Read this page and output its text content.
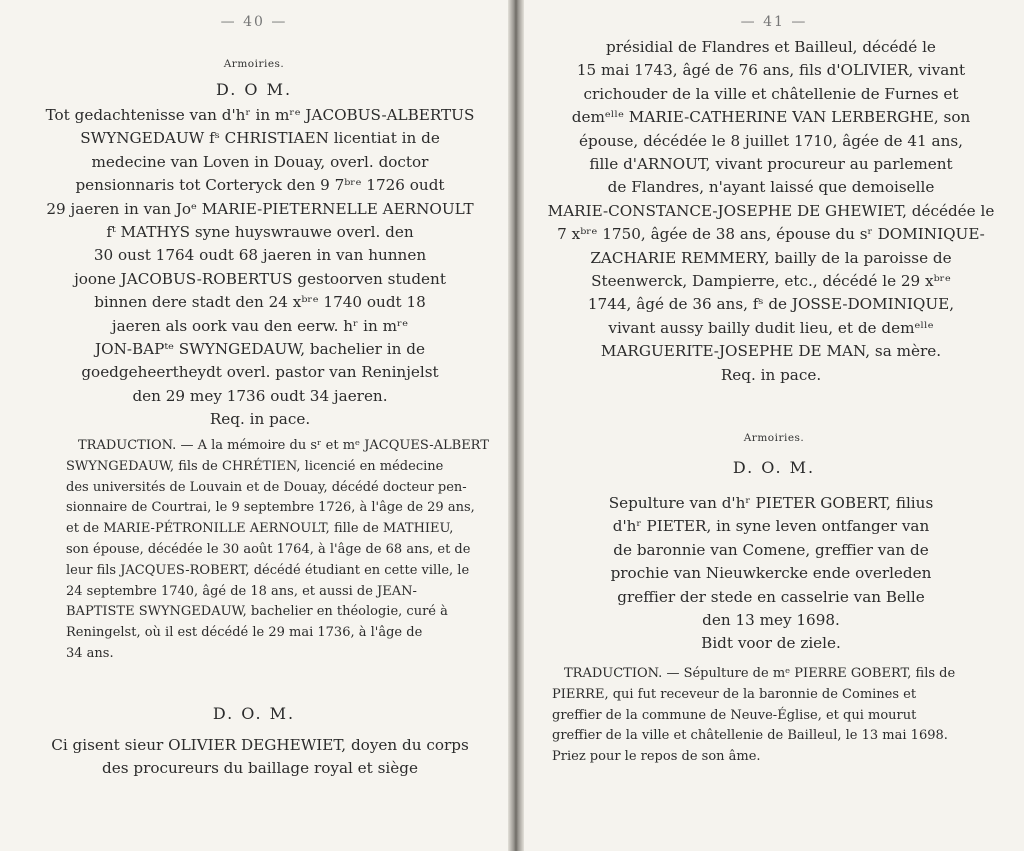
— 40 —
Armoiries.
D. O M.
Tot gedachtenisse van d'hʳ in mʳᵉ JACOBUS-ALBERTUS
SWYNGEDAUW fˢ CHRISTIAEN licentiat in de
medecine van Loven in Douay, overl. doctor
pensionnaris tot Corteryck den 9 7ᵇʳᵉ 1726 oudt
29 jaeren in van Joᵉ MARIE-PIETERNELLE AERNOULT
fᵗ MATHYS syne huyswrauwe overl. den
30 oust 1764 oudt 68 jaeren in van hunnen
joone JACOBUS-ROBERTUS gestoorven student
binnen dere stadt den 24 xᵇʳᵉ 1740 oudt 18
jaeren als oork vau den eerw. hʳ in mʳᵉ
JON-BAPᵗᵉ SWYNGEDAUW, bachelier in de
goedgeheertheydt overl. pastor van Reninjelst
den 29 mey 1736 oudt 34 jaeren.
Req. in pace.
TRADUCTION. — A la mémoire du sʳ et mᵉ JACQUES-ALBERT
SWYNGEDAUW, fils de CHRÉTIEN, licencié en médecine
des universités de Louvain et de Douay, décédé docteur pen-
sionnaire de Courtrai, le 9 septembre 1726, à l'âge de 29 ans,
et de MARIE-PÉTRONILLE AERNOULT, fille de MATHIEU,
son épouse, décédée le 30 août 1764, à l'âge de 68 ans, et de
leur fils JACQUES-ROBERT, décédé étudiant en cette ville, le
24 septembre 1740, âgé de 18 ans, et aussi de JEAN-
BAPTISTE SWYNGEDAUW, bachelier en théologie, curé à
Reningelst, où il est décédé le 29 mai 1736, à l'âge de
34 ans.
D. O. M.
Ci gisent sieur OLIVIER DEGHEWIET, doyen du corps
des procureurs du baillage royal et siège
— 41 —
présidial de Flandres et Bailleul, décédé le
15 mai 1743, âgé de 76 ans, fils d'OLIVIER, vivant
crichouder de la ville et châtellenie de Furnes et
demᵉˡˡᵉ MARIE-CATHERINE VAN LERBERGHE, son
épouse, décédée le 8 juillet 1710, âgée de 41 ans,
fille d'ARNOUT, vivant procureur au parlement
de Flandres, n'ayant laissé que demoiselle
MARIE-CONSTANCE-JOSEPHE DE GHEWIET, décédée le
7 xᵇʳᵉ 1750, âgée de 38 ans, épouse du sʳ DOMINIQUE-
ZACHARIE REMMERY, bailly de la paroisse de
Steenwerck, Dampierre, etc., décédé le 29 xᵇʳᵉ
1744, âgé de 36 ans, fˢ de JOSSE-DOMINIQUE,
vivant aussy bailly dudit lieu, et de demᵉˡˡᵉ
MARGUERITE-JOSEPHE DE MAN, sa mère.
Req. in pace.
Armoiries.
D. O. M.
Sepulture van d'hʳ PIETER GOBERT, filius
d'hʳ PIETER, in syne leven ontfanger van
de baronnie van Comene, greffier van de
prochie van Nieuwkercke ende overleden
greffier der stede en casselrie van Belle
den 13 mey 1698.
Bidt voor de ziele.
TRADUCTION. — Sépulture de mᵉ PIERRE GOBERT, fils de
PIERRE, qui fut receveur de la baronnie de Comines et
greffier de la commune de Neuve-Église, et qui mourut
greffier de la ville et châtellenie de Bailleul, le 13 mai 1698.
Priez pour le repos de son âme.
